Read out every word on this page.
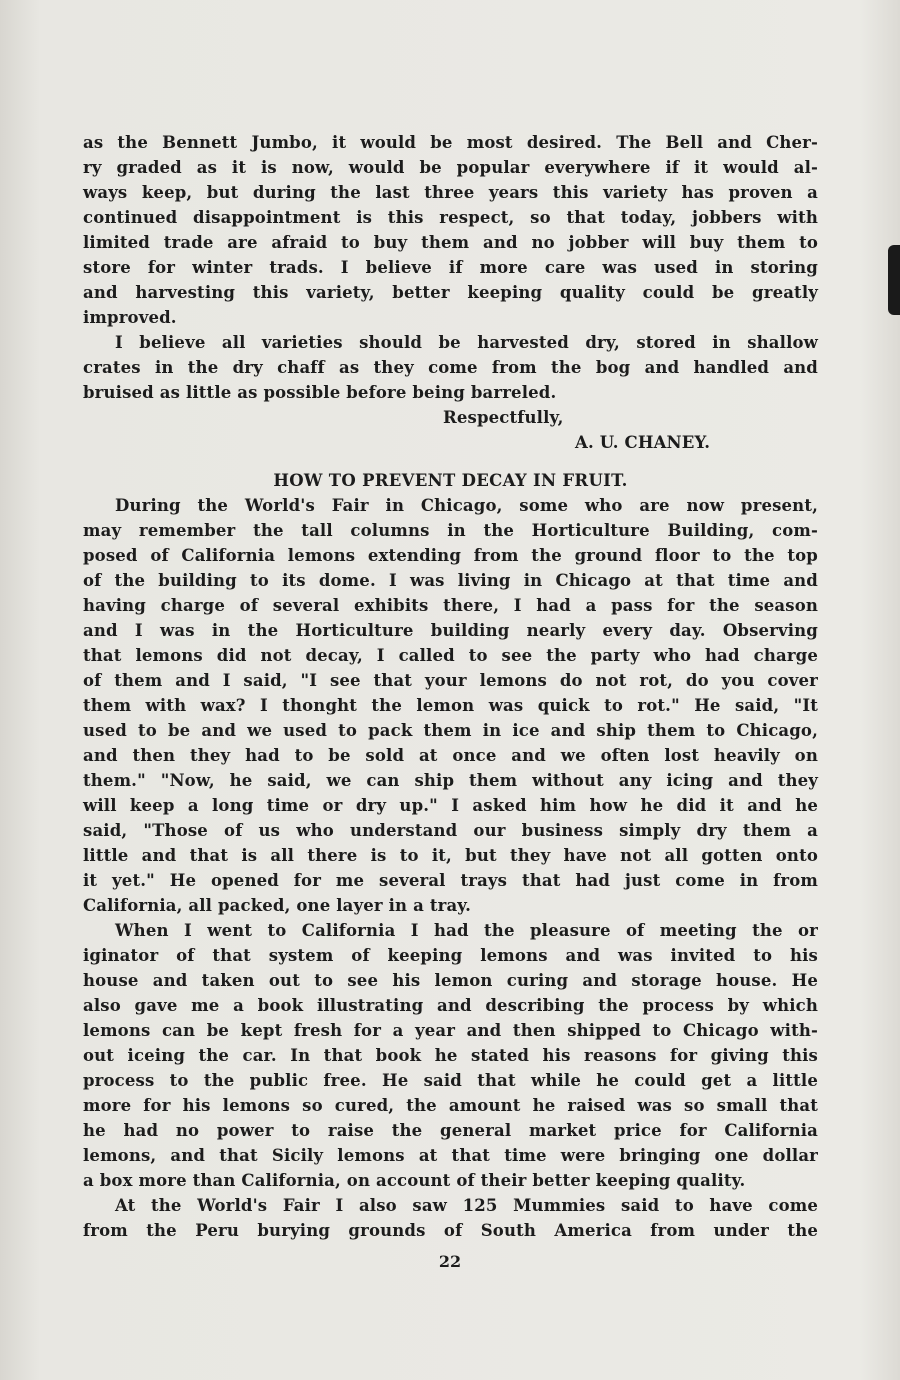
as the Bennett Jumbo, it would be most desired. The Bell and Cher-

ry graded as it is now, would be popular everywhere if it would al-

ways keep, but during the last three years this variety has proven a

continued disappointment is this respect, so that today, jobbers with

limited trade are afraid to buy them and no jobber will buy them to

store for winter trads. I believe if more care was used in storing

and harvesting this variety, better keeping quality could be greatly

improved.

I believe all varieties should be harvested dry, stored in shallow

crates in the dry chaff as they come from the bog and handled and

bruised as little as possible before being barreled.

Respectfully,

A. U. CHANEY.

HOW TO PREVENT DECAY IN FRUIT.

During the World's Fair in Chicago, some who are now present,

may remember the tall columns in the Horticulture Building, com-

posed of California lemons extending from the ground floor to the top

of the building to its dome. I was living in Chicago at that time and

having charge of several exhibits there, I had a pass for the season

and I was in the Horticulture building nearly every day. Observing

that lemons did not decay, I called to see the party who had charge

of them and I said, "I see that your lemons do not rot, do you cover

them with wax? I thonght the lemon was quick to rot." He said, "It

used to be and we used to pack them in ice and ship them to Chicago,

and then they had to be sold at once and we often lost heavily on

them." "Now, he said, we can ship them without any icing and they

will keep a long time or dry up." I asked him how he did it and he

said, "Those of us who understand our business simply dry them a

little and that is all there is to it, but they have not all gotten onto

it yet." He opened for me several trays that had just come in from

California, all packed, one layer in a tray.

When I went to California I had the pleasure of meeting the or

iginator of that system of keeping lemons and was invited to his

house and taken out to see his lemon curing and storage house. He

also gave me a book illustrating and describing the process by which

lemons can be kept fresh for a year and then shipped to Chicago with-

out iceing the car. In that book he stated his reasons for giving this

process to the public free. He said that while he could get a little

more for his lemons so cured, the amount he raised was so small that

he had no power to raise the general market price for California

lemons, and that Sicily lemons at that time were bringing one dollar

a box more than California, on account of their better keeping quality.

At the World's Fair I also saw 125 Mummies said to have come

from the Peru burying grounds of South America from under the

22
